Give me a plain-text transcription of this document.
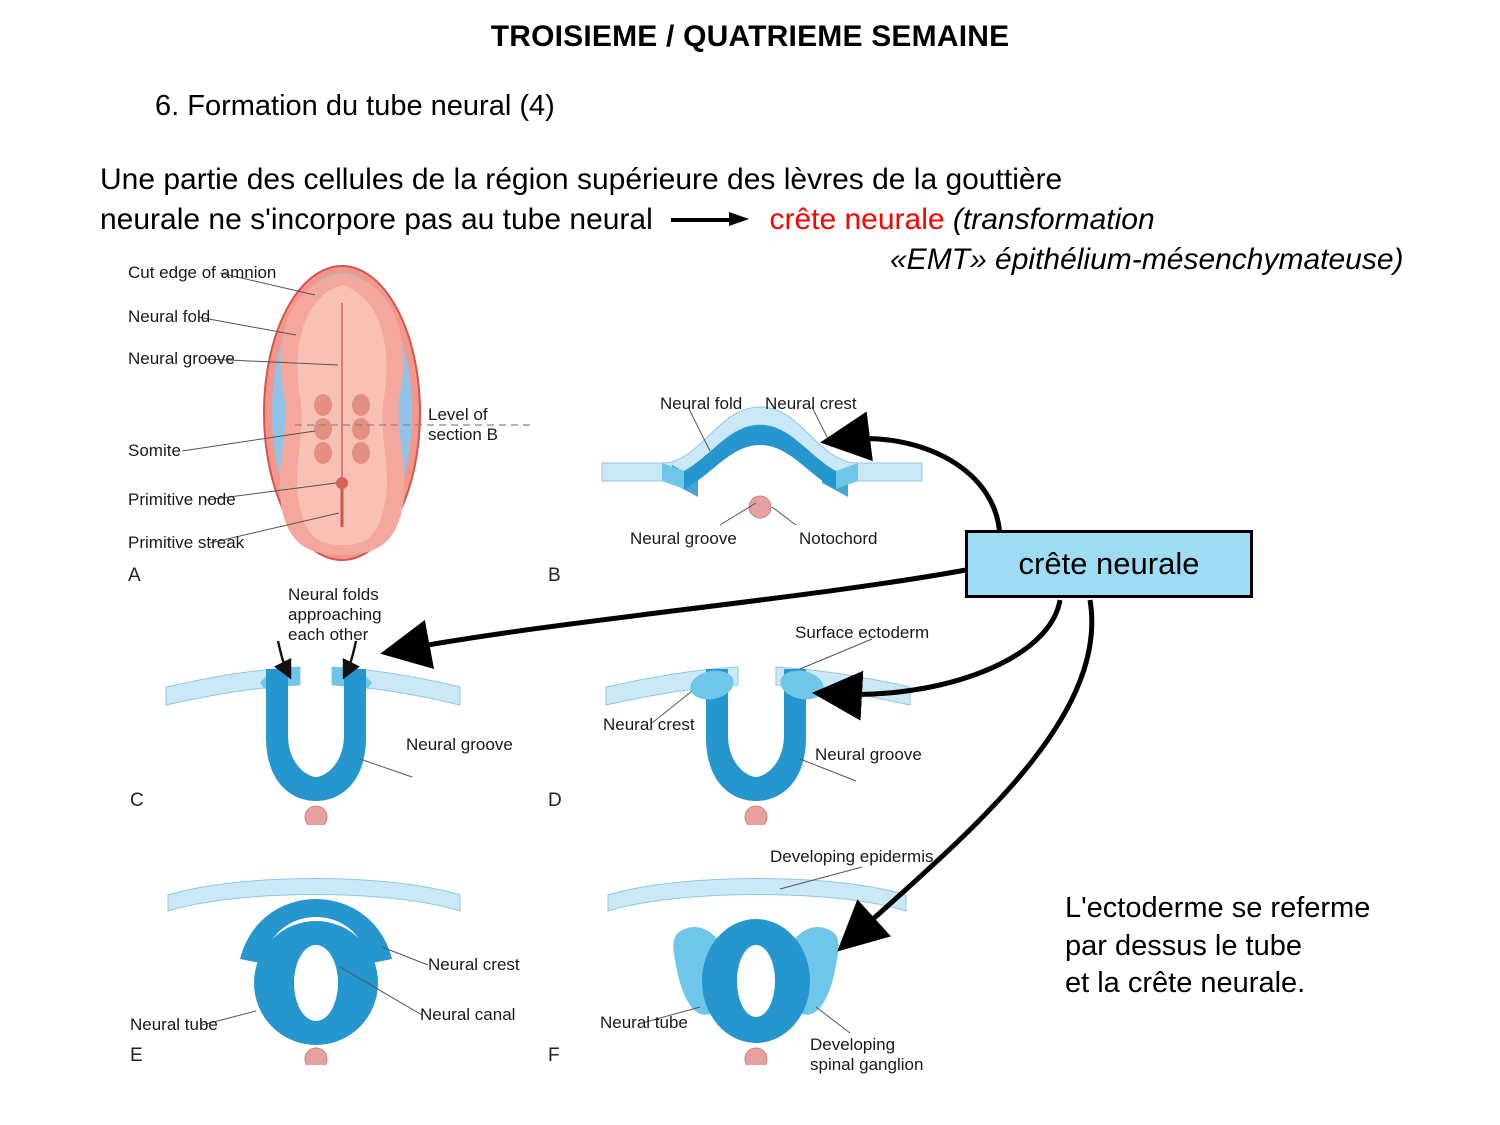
TROISIEME / QUATRIEME SEMAINE
6. Formation du tube neural (4)
Une partie des cellules de la région supérieure des lèvres de la gouttière
neurale ne s'incorpore pas au tube neural	crête neurale (transformation
«EMT» épithélium-mésenchymateuse)
Cut edge of amnion
Neural fold
Neural groove
Somite
Primitive node
Primitive streak
Level of
section B
A
Neural fold Neural crest
Neural groove	Notochord
B
Neural folds
approaching
each other
Neural groove
C
Surface ectoderm
Neural crest
Neural groove
D
Neural crest
Neural tube
Neural canal
E
Developing epidermis
Neural tube
Developing
spinal ganglion
F
crête neurale
L'ectoderme se referme
par dessus le tube
et la crête neurale.
